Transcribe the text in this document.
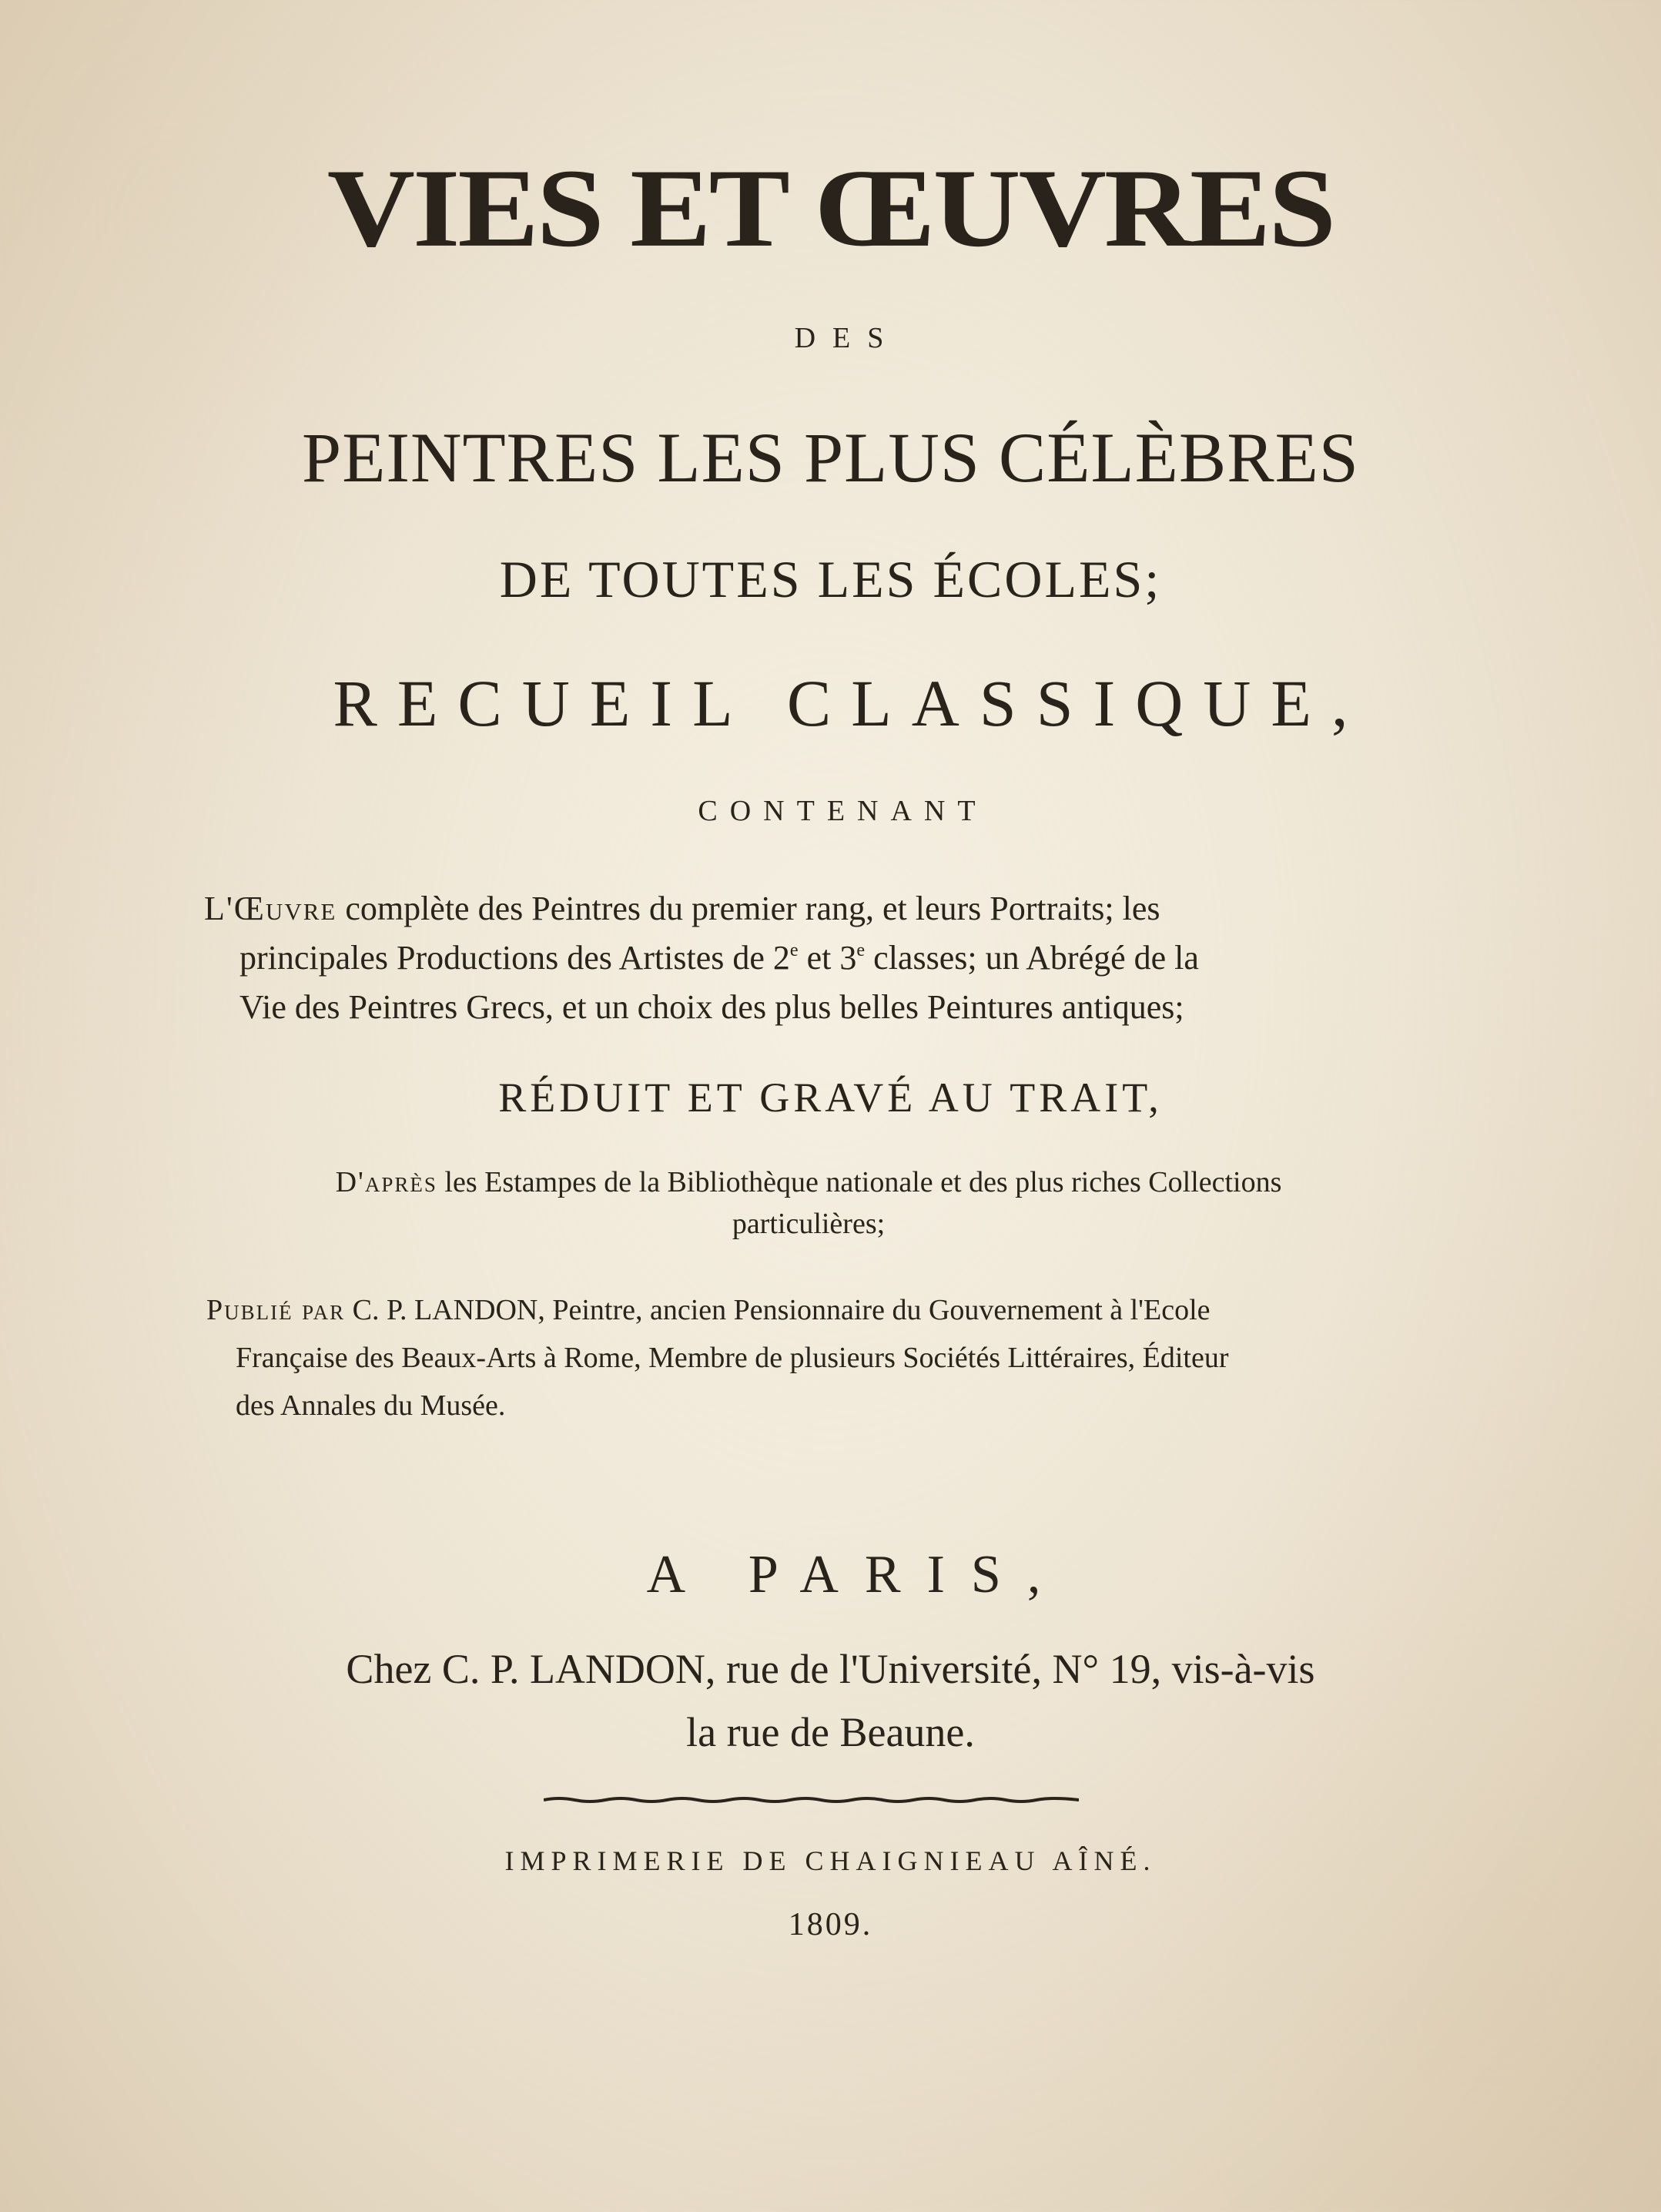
VIES ET ŒUVRES
DES
PEINTRES LES PLUS CÉLÈBRES
DE TOUTES LES ÉCOLES;
RECUEIL CLASSIQUE,
CONTENANT
L'Œuvre complète des Peintres du premier rang, et leurs Portraits; les
principales Productions des Artistes de 2e et 3e classes; un Abrégé de la
Vie des Peintres Grecs, et un choix des plus belles Peintures antiques;
RÉDUIT ET GRAVÉ AU TRAIT,
D'après les Estampes de la Bibliothèque nationale et des plus riches Collections
particulières;
Publié par C. P. LANDON, Peintre, ancien Pensionnaire du Gouvernement à l'Ecole
Française des Beaux-Arts à Rome, Membre de plusieurs Sociétés Littéraires, Éditeur
des Annales du Musée.
A PARIS,
Chez C. P. LANDON, rue de l'Université, N° 19, vis-à-vis
la rue de Beaune.
IMPRIMERIE DE CHAIGNIEAU AÎNÉ.
1809.
